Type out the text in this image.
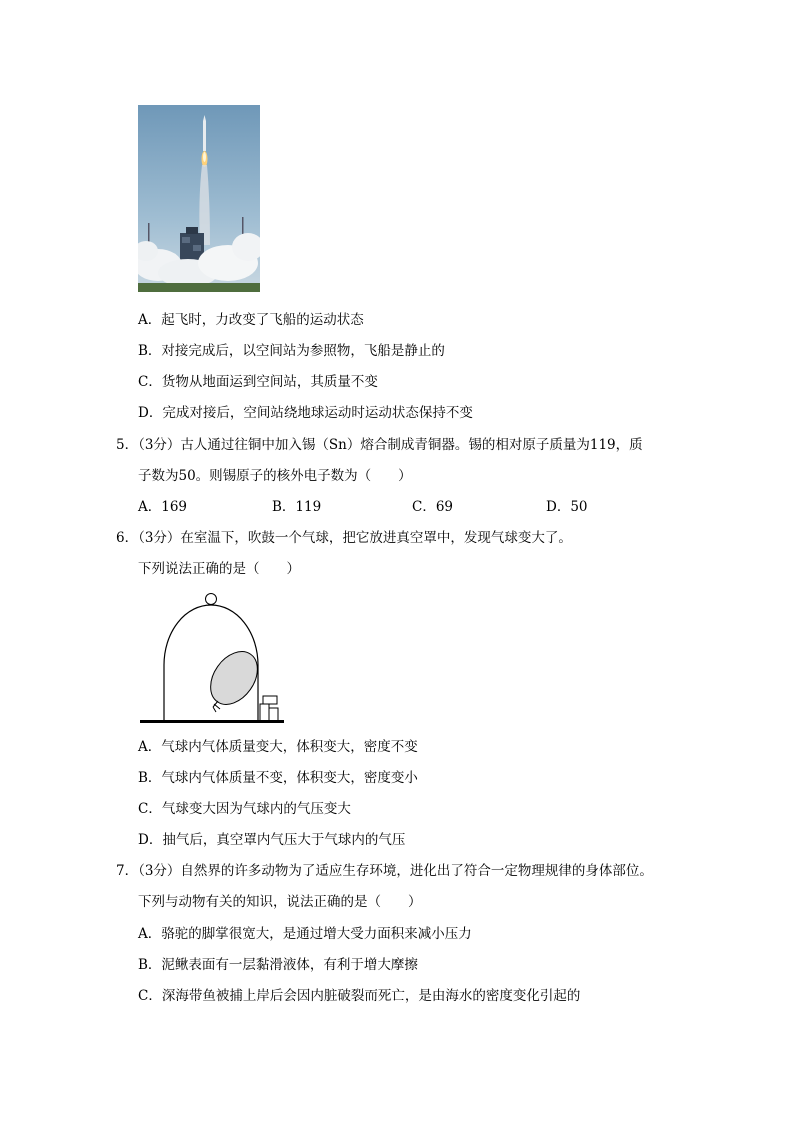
A．起飞时，力改变了飞船的运动状态
B．对接完成后，以空间站为参照物，飞船是静止的
C．货物从地面运到空间站，其质量不变
D．完成对接后，空间站绕地球运动时运动状态保持不变
5．（3分）古人通过往铜中加入锡（Sn）熔合制成青铜器。锡的相对原子质量为119，质
子数为50。则锡原子的核外电子数为（　　）
A．169	B．119	C．69	D．50
6．（3分）在室温下，吹鼓一个气球，把它放进真空罩中，发现气球变大了。
下列说法正确的是（　　）
A．气球内气体质量变大，体积变大，密度不变
B．气球内气体质量不变，体积变大，密度变小
C．气球变大因为气球内的气压变大
D．抽气后，真空罩内气压大于气球内的气压
7．（3分）自然界的许多动物为了适应生存环境，进化出了符合一定物理规律的身体部位。
下列与动物有关的知识，说法正确的是（　　）
A．骆驼的脚掌很宽大，是通过增大受力面积来减小压力
B．泥鳅表面有一层黏滑液体，有利于增大摩擦
C．深海带鱼被捕上岸后会因内脏破裂而死亡，是由海水的密度变化引起的
